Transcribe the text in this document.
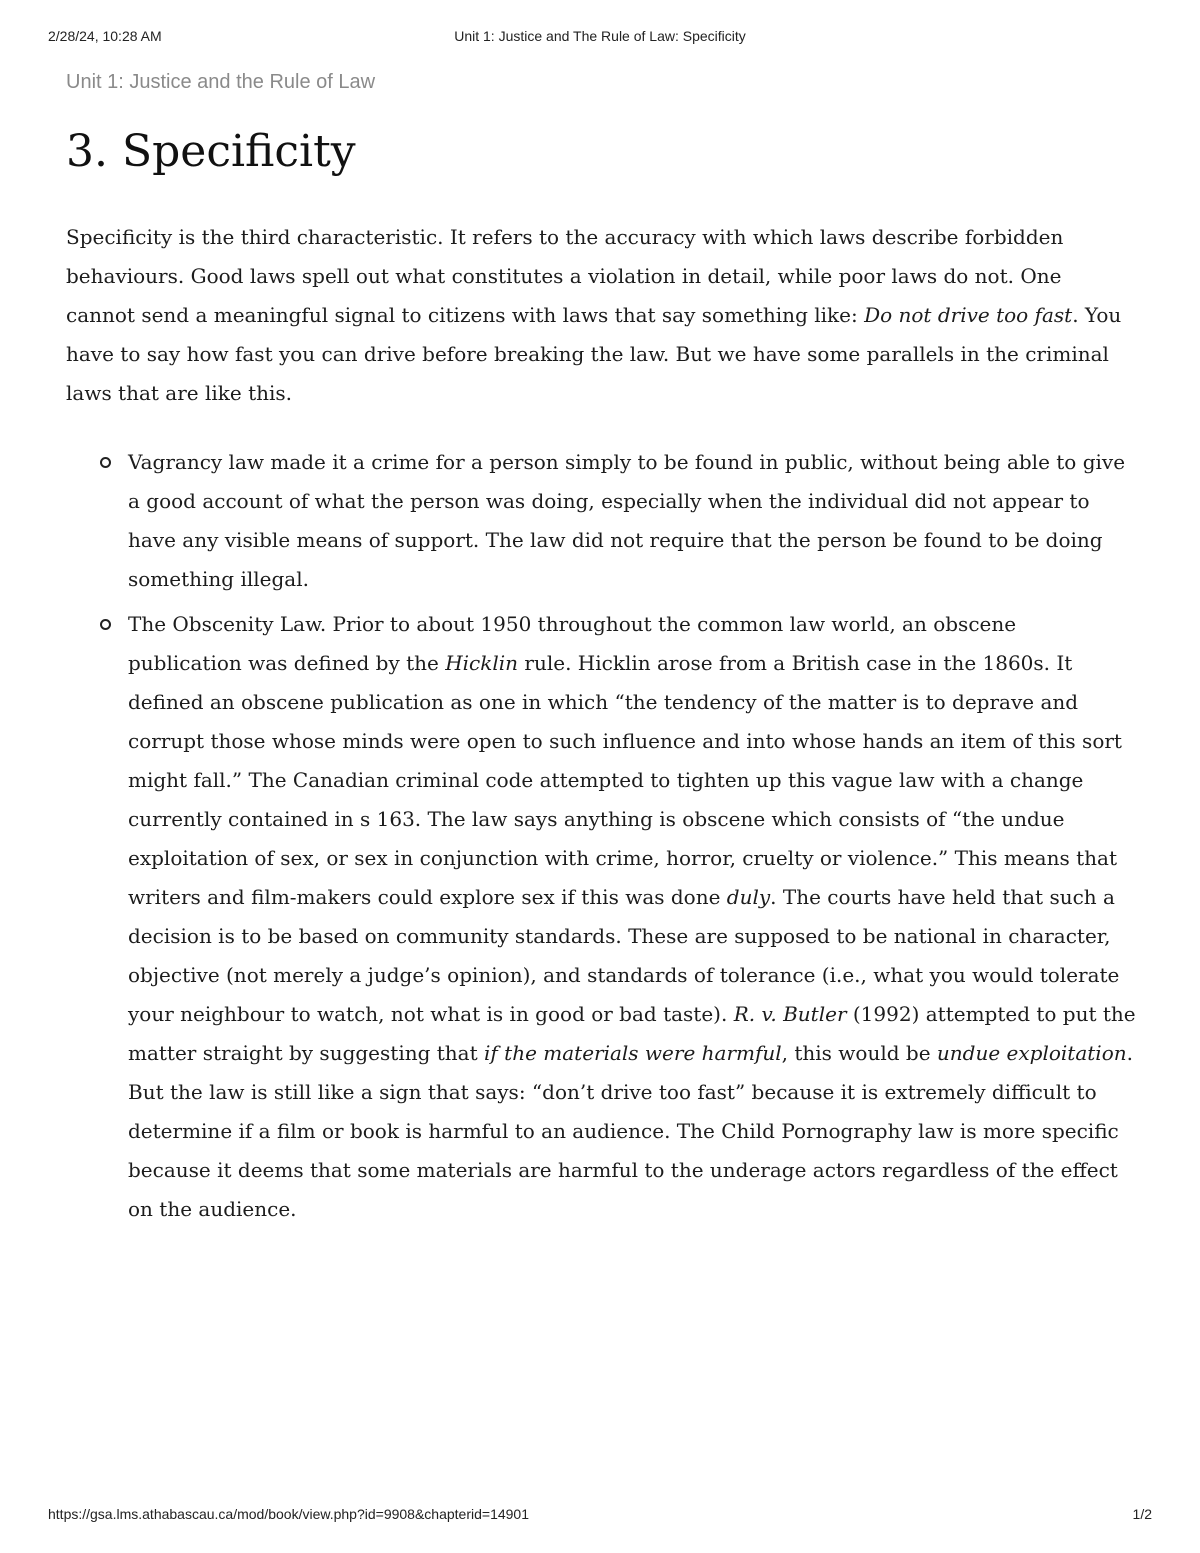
2/28/24, 10:28 AM	Unit 1: Justice and The Rule of Law: Specificity

Unit 1: Justice and the Rule of Law

3. Specificity

Specificity is the third characteristic. It refers to the accuracy with which laws describe forbidden behaviours. Good laws spell out what constitutes a violation in detail, while poor laws do not. One cannot send a meaningful signal to citizens with laws that say something like: Do not drive too fast. You have to say how fast you can drive before breaking the law. But we have some parallels in the criminal laws that are like this.

Vagrancy law made it a crime for a person simply to be found in public, without being able to give a good account of what the person was doing, especially when the individual did not appear to have any visible means of support. The law did not require that the person be found to be doing something illegal.
The Obscenity Law. Prior to about 1950 throughout the common law world, an obscene publication was defined by the Hicklin rule. Hicklin arose from a British case in the 1860s. It defined an obscene publication as one in which “the tendency of the matter is to deprave and corrupt those whose minds were open to such influence and into whose hands an item of this sort might fall.” The Canadian criminal code attempted to tighten up this vague law with a change currently contained in s 163. The law says anything is obscene which consists of “the undue exploitation of sex, or sex in conjunction with crime, horror, cruelty or violence.” This means that writers and film-makers could explore sex if this was done duly. The courts have held that such a decision is to be based on community standards. These are supposed to be national in character, objective (not merely a judge’s opinion), and standards of tolerance (i.e., what you would tolerate your neighbour to watch, not what is in good or bad taste). R. v. Butler (1992) attempted to put the matter straight by suggesting that if the materials were harmful, this would be undue exploitation. But the law is still like a sign that says: “don’t drive too fast” because it is extremely difficult to determine if a film or book is harmful to an audience. The Child Pornography law is more specific because it deems that some materials are harmful to the underage actors regardless of the effect on the audience.
https://gsa.lms.athabascau.ca/mod/book/view.php?id=9908&chapterid=14901	1/2
